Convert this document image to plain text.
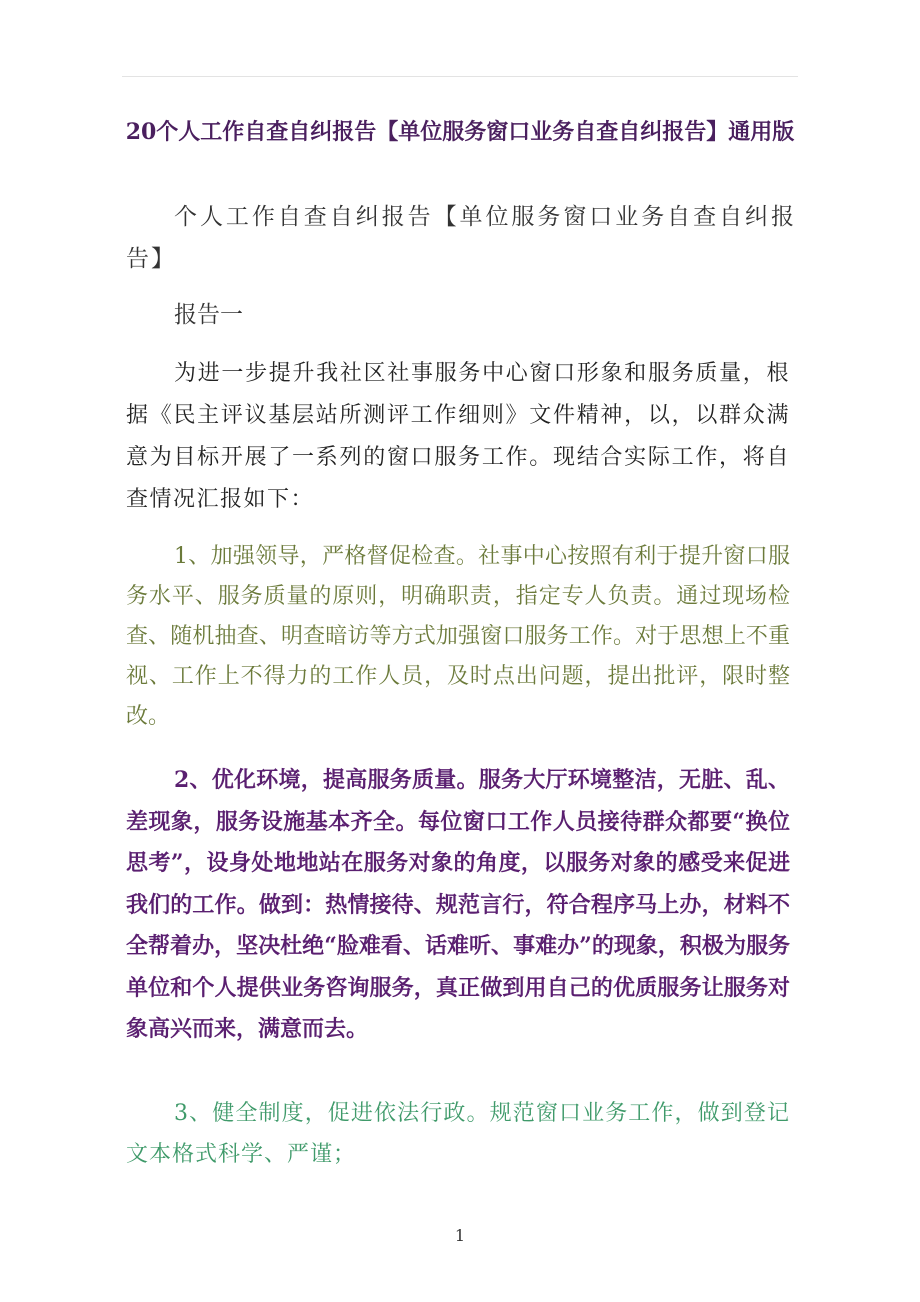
20个人工作自查自纠报告【单位服务窗口业务自查自纠报告】通用版
个人工作自查自纠报告【单位服务窗口业务自查自纠报告】
报告一

为进一步提升我社区社事服务中心窗口形象和服务质量，根据《民主评议基层站所测评工作细则》文件精神，以，以群众满意为目标开展了一系列的窗口服务工作。现结合实际工作，将自查情况汇报如下：

1、加强领导，严格督促检查。社事中心按照有利于提升窗口服务水平、服务质量的原则，明确职责，指定专人负责。通过现场检查、随机抽查、明查暗访等方式加强窗口服务工作。对于思想上不重视、工作上不得力的工作人员，及时点出问题，提出批评，限时整改。

2、优化环境，提高服务质量。服务大厅环境整洁，无脏、乱、差现象，服务设施基本齐全。每位窗口工作人员接待群众都要“换位思考”，设身处地地站在服务对象的角度，以服务对象的感受来促进我们的工作。做到：热情接待、规范言行，符合程序马上办，材料不全帮着办，坚决杜绝“脸难看、话难听、事难办”的现象，积极为服务单位和个人提供业务咨询服务，真正做到用自己的优质服务让服务对象高兴而来，满意而去。

3、健全制度，促进依法行政。规范窗口业务工作，做到登记文本格式科学、严谨；

1
